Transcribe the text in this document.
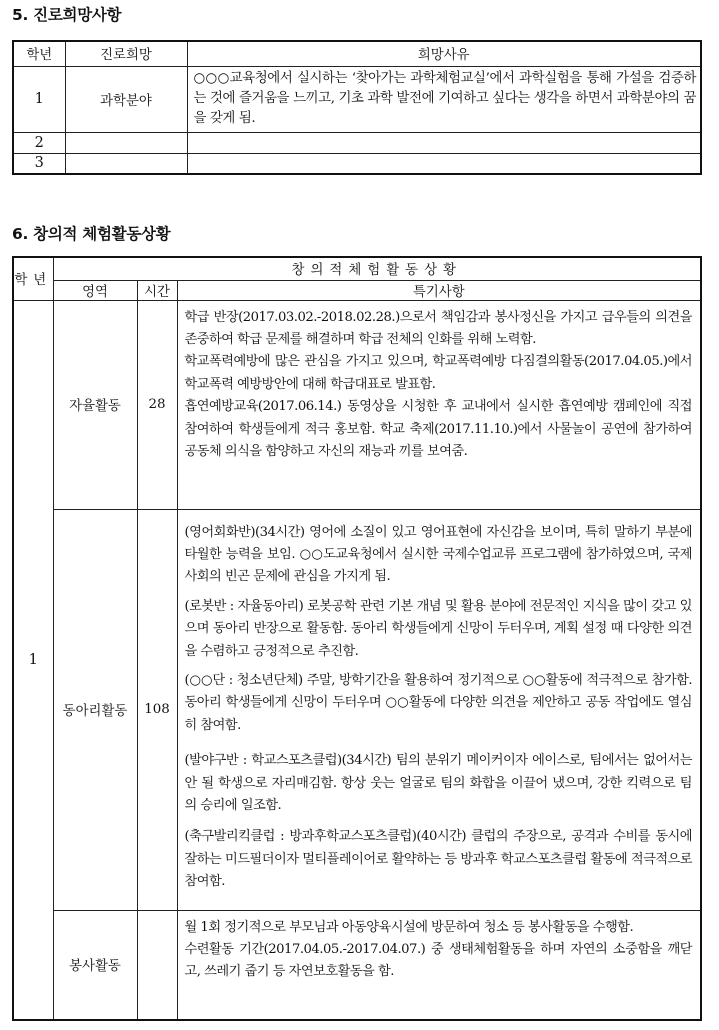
5. 진로희망사항
학년	진로희망	희망사유
1	과학분야	○○○교육청에서 실시하는 ‘찾아가는 과학체험교실’에서 과학실험을 통해 가설을 검증하는 것에 즐거움을 느끼고, 기초 과학 발전에 기여하고 싶다는 생각을 하면서 과학분야의 꿈을 갖게 됨.
2		
3		
6. 창의적 체험활동상황
학년	창의적체험활동상황		
	영역	시간	특기사항
1	자율활동	28	학급 반장(2017.03.02.-2018.02.28.)으로서 책임감과 봉사정신을 가지고 급우들의 의견을 존중하여 학급 문제를 해결하며 학급 전체의 인화를 위해 노력함.

학교폭력예방에 많은 관심을 가지고 있으며, 학교폭력예방 다짐결의활동(2017.04.05.)에서 학교폭력 예방방안에 대해 학급대표로 발표함.

흡연예방교육(2017.06.14.) 동영상을 시청한 후 교내에서 실시한 흡연예방 캠페인에 직접 참여하여 학생들에게 적극 홍보함. 학교 축제(2017.11.10.)에서 사물놀이 공연에 참가하여 공동체 의식을 함양하고 자신의 재능과 끼를 보여줌.

	동아리활동	108	(영어회화반)(34시간) 영어에 소질이 있고 영어표현에 자신감을 보이며, 특히 말하기 부분에 타월한 능력을 보임. ○○도교육청에서 실시한 국제수업교류 프로그램에 참가하였으며, 국제 사회의 빈곤 문제에 관심을 가지게 됨.

(로봇반 : 자율동아리) 로봇공학 관련 기본 개념 및 활용 분야에 전문적인 지식을 많이 갖고 있으며 동아리 반장으로 활동함. 동아리 학생들에게 신망이 두터우며, 계획 설정 때 다양한 의견을 수렴하고 긍정적으로 추진함.

(○○단 : 청소년단체) 주말, 방학기간을 활용하여 정기적으로 ○○활동에 적극적으로 참가함. 동아리 학생들에게 신망이 두터우며 ○○활동에 다양한 의견을 제안하고 공동 작업에도 열심히 참여함.

(발야구반 : 학교스포츠클럽)(34시간) 팀의 분위기 메이커이자 에이스로, 팀에서는 없어서는 안 될 학생으로 자리매김함. 항상 웃는 얼굴로 팀의 화합을 이끌어 냈으며, 강한 킥력으로 팀의 승리에 일조함.

(축구발리킥클럽 : 방과후학교스포츠클럽)(40시간) 클럽의 주장으로, 공격과 수비를 동시에 잘하는 미드필더이자 멀티플레이어로 활약하는 등 방과후 학교스포츠클럽 활동에 적극적으로 참여함.

	봉사활동		월 1회 정기적으로 부모님과 아동양육시설에 방문하여 청소 등 봉사활동을 수행함.

수련활동 기간(2017.04.05.-2017.04.07.) 중 생태체험활동을 하며 자연의 소중함을 깨닫고, 쓰레기 줍기 등 자연보호활동을 함.
